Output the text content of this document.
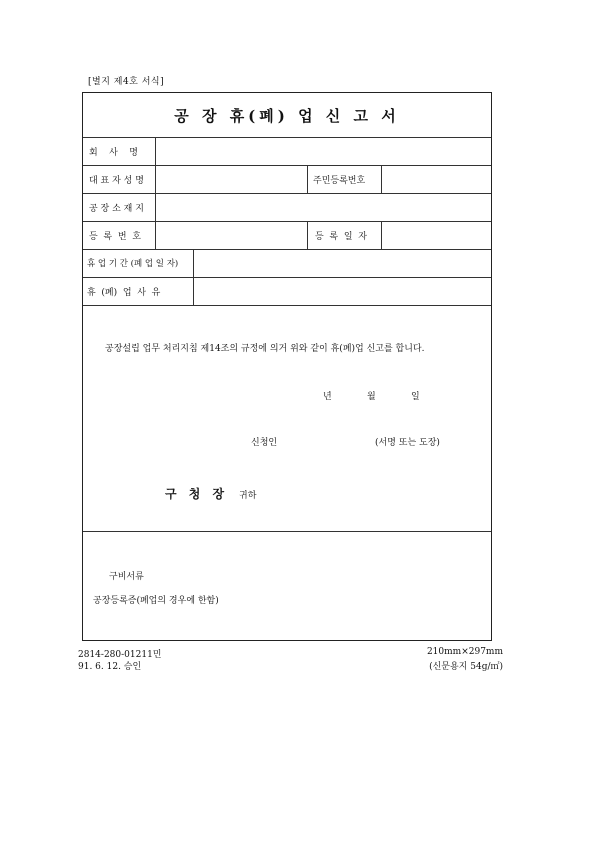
[별지 제4호 서식]
공 장 휴(폐) 업 신 고 서
회    사    명
대 표 자 성 명	주민등록번호
공 장 소 재 지
등  록  번  호	등  록  일  자
휴 업 기 간 (폐 업 일 자)
휴  (폐)  업  사  유
공장설립 업무 처리지침 제14조의 규정에 의거 위와 같이 휴(폐)업 신고를 합니다.
년	월	일
신청인	(서명 또는 도장)
구 청 장 귀하
구비서류
공장등록증(폐업의 경우에 한함)
2814-280-01211민
91. 6. 12. 승인
210mm×297mm
(신문용지 54g/㎡)
